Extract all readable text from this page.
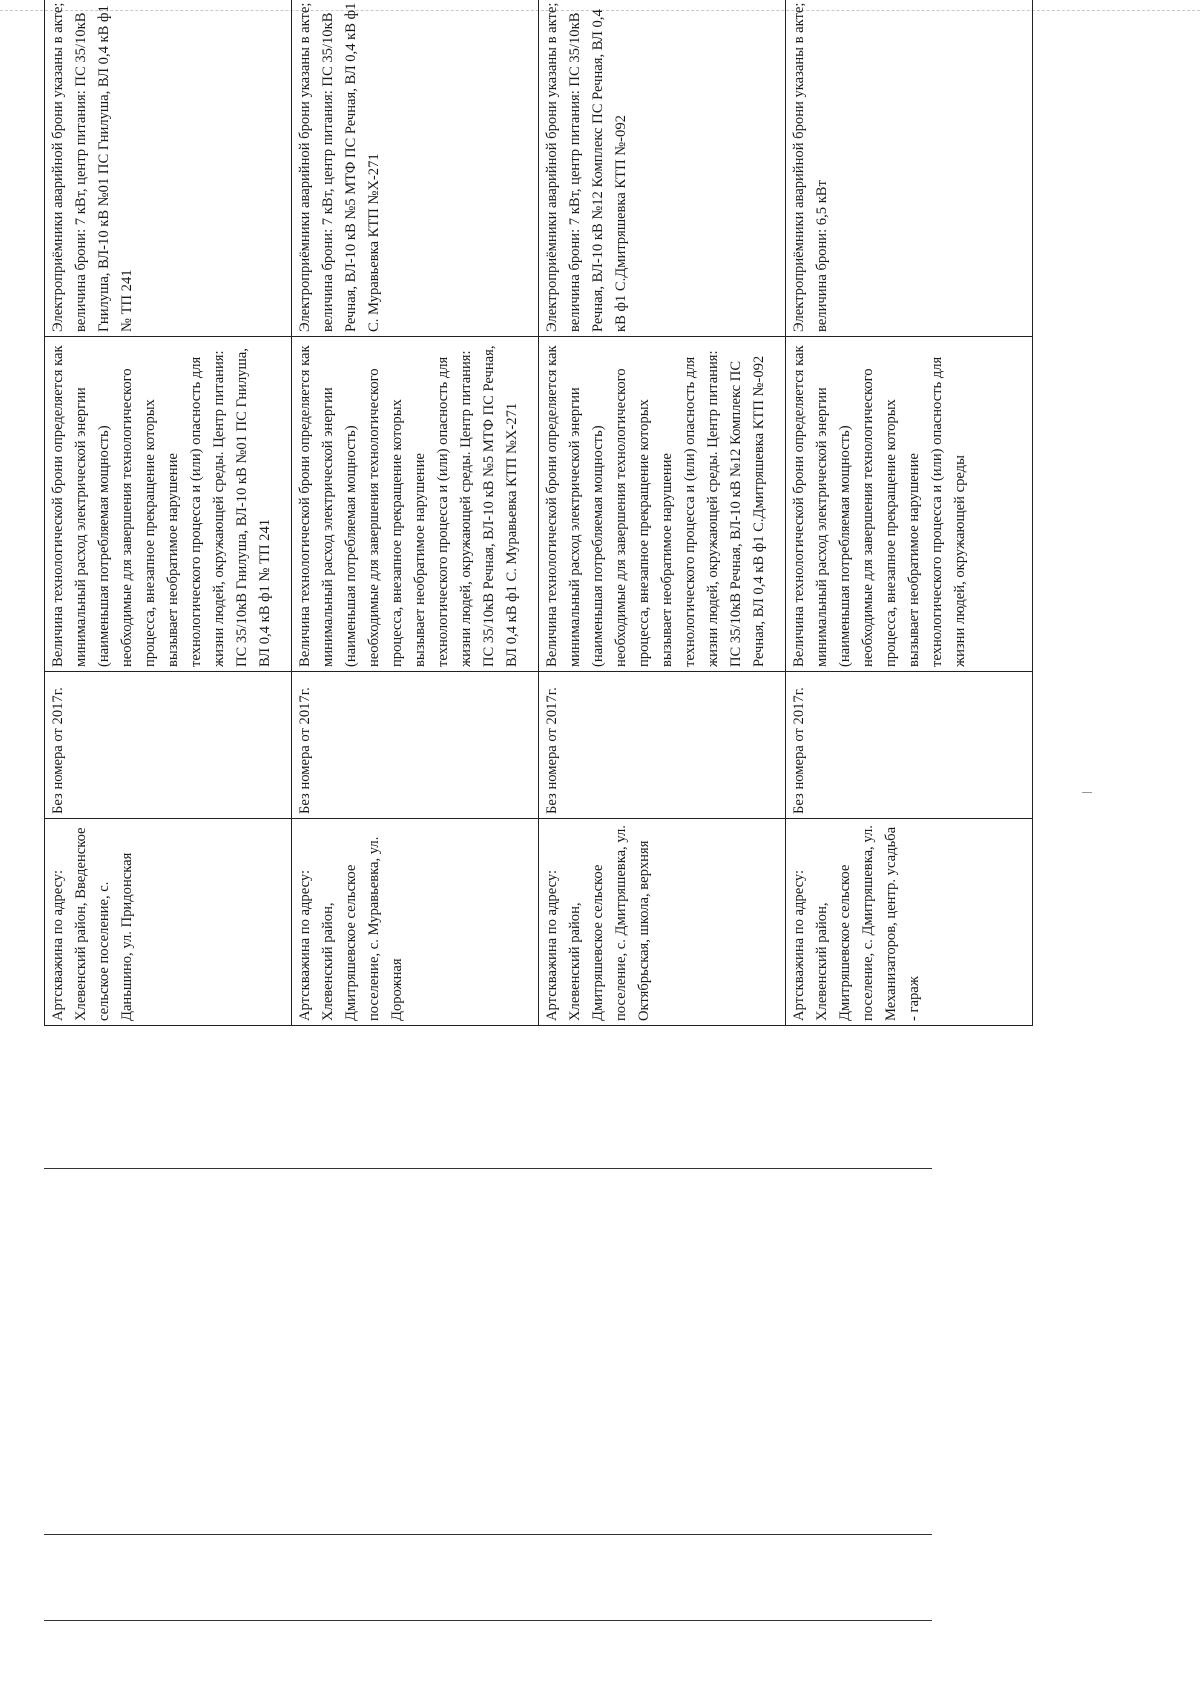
Артскважина по адресу: Хлевенский район, Введенское сельское поселение, с. Даньшино, ул. Придонская	Без номера от 2017г.	Величина технологической брони определяется как минимальный расход электрической энергии (наименьшая потребляемая мощность) необходимые для завершения технологического процесса, внезапное прекращение которых вызывает необратимое нарушение технологического процесса и (или) опасность для жизни людей, окружающей среды. Центр питания: ПС 35/10кВ Гнилуша, ВЛ-10 кВ №01 ПС Гнилуша, ВЛ 0,4 кВ ф1 № ТП 241	Электроприёмники аварийной брони указаны в акте; величина брони: 7 кВт, центр питания: ПС 35/10кВ Гнилуша, ВЛ-10 кВ №01 ПС Гнилуша, ВЛ 0,4 кВ ф1 № ТП 241
Артскважина по адресу: Хлевенский район, Дмитряшевское сельское поселение, с. Муравьевка, ул. Дорожная	Без номера от 2017г.	Величина технологической брони определяется как минимальный расход электрической энергии (наименьшая потребляемая мощность) необходимые для завершения технологического процесса, внезапное прекращение которых вызывает необратимое нарушение технологического процесса и (или) опасность для жизни людей, окружающей среды. Центр питания: ПС 35/10кВ Речная, ВЛ-10 кВ №5 МТФ ПС Речная, ВЛ 0,4 кВ ф1 С. Муравьевка КТП №Х-271	Электроприёмники аварийной брони указаны в акте; величина брони: 7 кВт, центр питания: ПС 35/10кВ Речная, ВЛ-10 кВ №5 МТФ ПС Речная, ВЛ 0,4 кВ ф1 С. Муравьевка КТП №Х-271
Артскважина по адресу: Хлевенский район, Дмитряшевское сельское поселение, с. Дмитряшевка, ул. Октябрьская, школа, верхняя	Без номера от 2017г.	Величина технологической брони определяется как минимальный расход электрической энергии (наименьшая потребляемая мощность) необходимые для завершения технологического процесса, внезапное прекращение которых вызывает необратимое нарушение технологического процесса и (или) опасность для жизни людей, окружающей среды. Центр питания: ПС 35/10кВ Речная, ВЛ-10 кВ №12 Комплекс ПС Речная, ВЛ 0,4 кВ ф1 С.Дмитряшевка КТП №-092	Электроприёмники аварийной брони указаны в акте; величина брони: 7 кВт, центр питания: ПС 35/10кВ Речная, ВЛ-10 кВ №12 Комплекс ПС Речная, ВЛ 0,4 кВ ф1 С.Дмитряшевка КТП №-092
Артскважина по адресу: Хлевенский район, Дмитряшевское сельское поселение, с. Дмитряшевка, ул. Механизаторов, центр. усадьба - гараж	Без номера от 2017г.	Величина технологической брони определяется как минимальный расход электрической энергии (наименьшая потребляемая мощность) необходимые для завершения технологического процесса, внезапное прекращение которых вызывает необратимое нарушение технологического процесса и (или) опасность для жизни людей, окружающей среды	Электроприёмники аварийной брони указаны в акте; величина брони: 6,5 кВт
